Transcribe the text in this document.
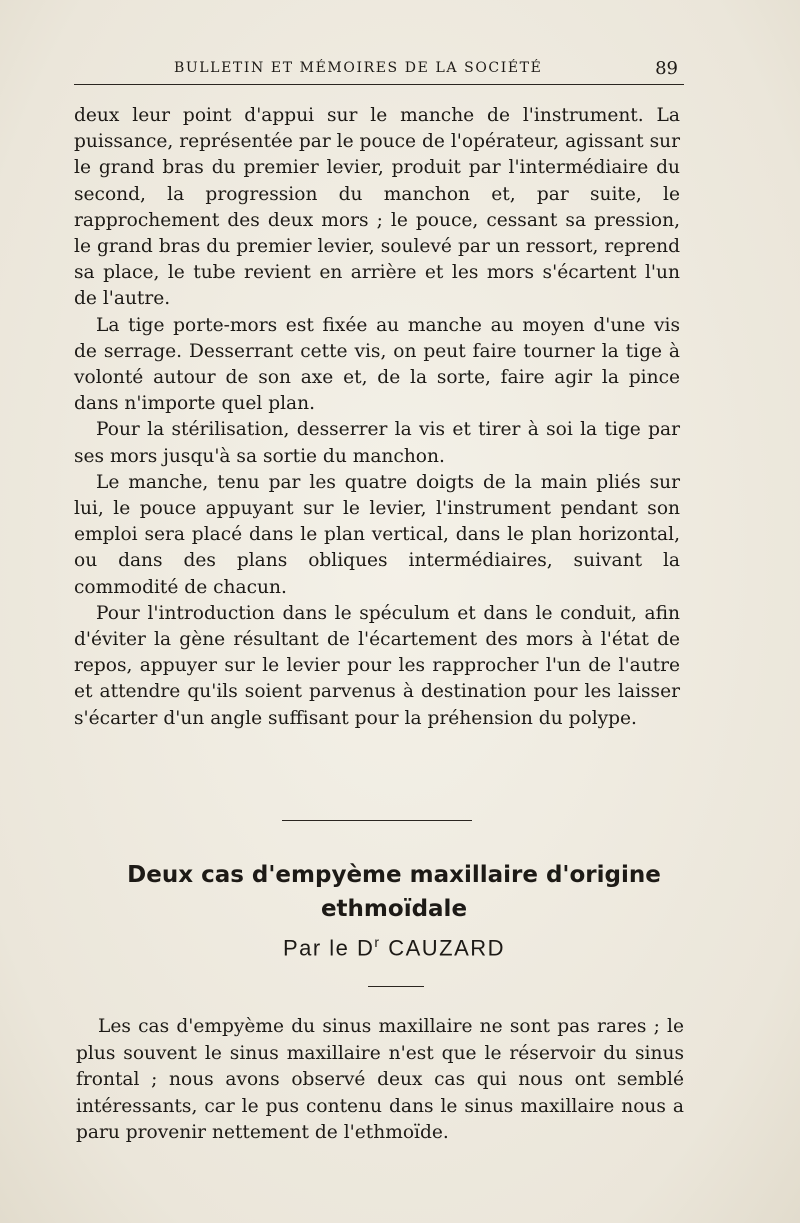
BULLETIN ET MÉMOIRES DE LA SOCIÉTÉ	89

deux leur point d'appui sur le manche de l'instrument. La puissance, représentée par le pouce de l'opérateur, agissant sur le grand bras du premier levier, produit par l'intermédiaire du second, la progression du manchon et, par suite, le rapprochement des deux mors ; le pouce, cessant sa pression, le grand bras du premier levier, soulevé par un ressort, reprend sa place, le tube revient en arrière et les mors s'écartent l'un de l'autre.

La tige porte-mors est fixée au manche au moyen d'une vis de serrage. Desserrant cette vis, on peut faire tourner la tige à volonté autour de son axe et, de la sorte, faire agir la pince dans n'importe quel plan.

Pour la stérilisation, desserrer la vis et tirer à soi la tige par ses mors jusqu'à sa sortie du manchon.

Le manche, tenu par les quatre doigts de la main pliés sur lui, le pouce appuyant sur le levier, l'instrument pendant son emploi sera placé dans le plan vertical, dans le plan horizontal, ou dans des plans obliques intermédiaires, suivant la commodité de chacun.

Pour l'introduction dans le spéculum et dans le conduit, afin d'éviter la gène résultant de l'écartement des mors à l'état de repos, appuyer sur le levier pour les rapprocher l'un de l'autre et attendre qu'ils soient parvenus à destination pour les laisser s'écarter d'un angle suffisant pour la préhension du polype.

Deux cas d'empyème maxillaire d'origine
ethmoïdale
Par le $D^r$ CAUZARD

Les cas d'empyème du sinus maxillaire ne sont pas rares ; le plus souvent le sinus maxillaire n'est que le réservoir du sinus frontal ; nous avons observé deux cas qui nous ont semblé intéressants, car le pus contenu dans le sinus maxillaire nous a paru provenir nettement de l'ethmoïde.
